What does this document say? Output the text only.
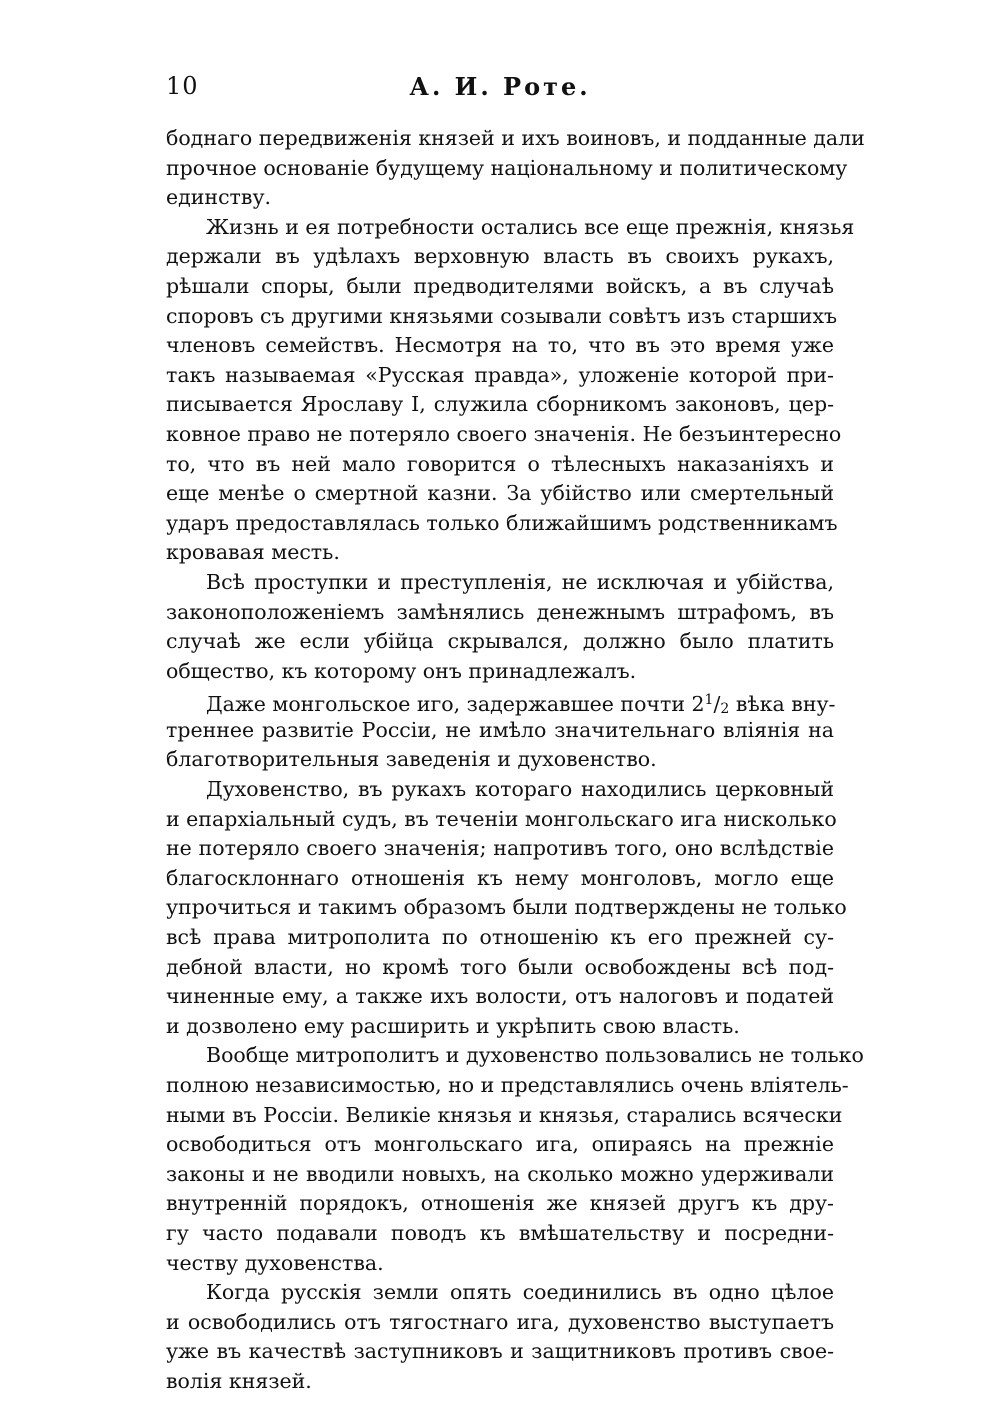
10	А. И. Роте.
боднаго передвиженія князей и ихъ воиновъ, и подданные дали
прочное основаніе будущему національному и политическому
единству.
Жизнь и ея потребности остались все еще прежнія, князья
держали въ удѣлахъ верховную власть въ своихъ рукахъ,
рѣшали споры, были предводителями войскъ, а въ случаѣ
споровъ съ другими князьями созывали совѣтъ изъ старшихъ
членовъ семействъ. Несмотря на то, что въ это время уже
такъ называемая «Русская правда», уложеніе которой при-
писывается Ярославу I, служила сборникомъ законовъ, цер-
ковное право не потеряло своего значенія. Не безъинтересно
то, что въ ней мало говорится о тѣлесныхъ наказаніяхъ и
еще менѣе о смертной казни. За убійство или смертельный
ударъ предоставлялась только ближайшимъ родственникамъ
кровавая месть.
Всѣ проступки и преступленія, не исключая и убійства,
законоположеніемъ замѣнялись денежнымъ штрафомъ, въ
случаѣ же если убійца скрывался, должно было платить
общество, къ которому онъ принадлежалъ.
Даже монгольское иго, задержавшее почти $2^1/2$ вѣка вну-
треннее развитіе Россіи, не имѣло значительнаго вліянія на
благотворительныя заведенія и духовенство.
Духовенство, въ рукахъ котораго находились церковный
и епархіальный судъ, въ теченіи монгольскаго ига нисколько
не потеряло своего значенія; напротивъ того, оно вслѣдствіе
благосклоннаго отношенія къ нему монголовъ, могло еще
упрочиться и такимъ образомъ были подтверждены не только
всѣ права митрополита по отношенію къ его прежней су-
дебной власти, но кромѣ того были освобождены всѣ под-
чиненные ему, а также ихъ волости, отъ налоговъ и податей
и дозволено ему расширить и укрѣпить свою власть.
Вообще митрополитъ и духовенство пользовались не только
полною независимостью, но и представлялись очень вліятель-
ными въ Россіи. Великіе князья и князья, старались всячески
освободиться отъ монгольскаго ига, опираясь на прежніе
законы и не вводили новыхъ, на сколько можно удерживали
внутренній порядокъ, отношенія же князей другъ къ дру-
гу часто подавали поводъ къ вмѣшательству и посредни-
честву духовенства.
Когда русскія земли опять соединились въ одно цѣлое
и освободились отъ тягостнаго ига, духовенство выступаетъ
уже въ качествѣ заступниковъ и защитниковъ противъ свое-
волія князей.
